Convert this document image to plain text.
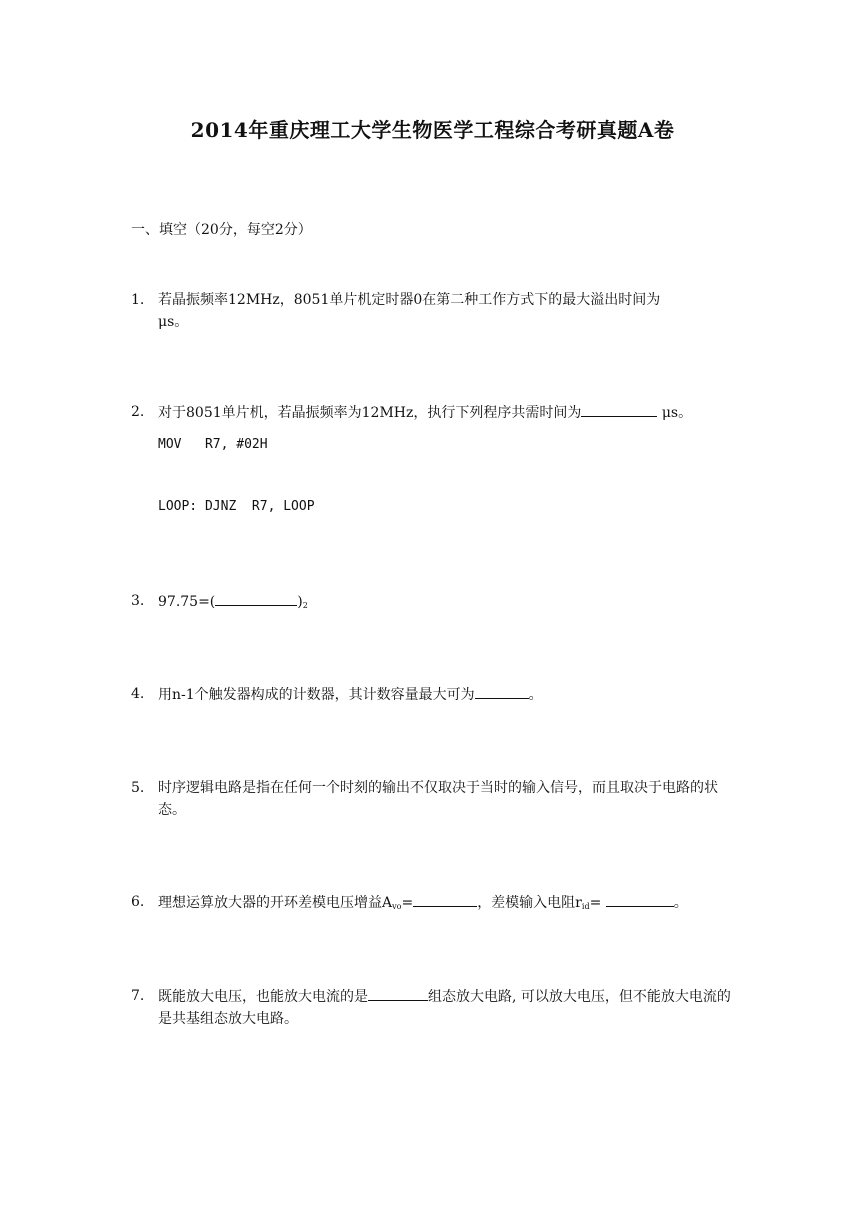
2014年重庆理工大学生物医学工程综合考研真题A卷
一、填空（20分，每空2分）
1. 若晶振频率12MHz，8051单片机定时器0在第二种工作方式下的最大溢出时间为
μs。
2. 对于8051单片机，若晶振频率为12MHz，执行下列程序共需时间为	μs。
MOV   R7, #02H
LOOP: DJNZ  R7, LOOP
3. 97.75=(	)$_2$
4. 用n-1个触发器构成的计数器，其计数容量最大可为	。
5. 时序逻辑电路是指在任何一个时刻的输出不仅取决于当时的输入信号，而且取决于电路的状态。
6. 理想运算放大器的开环差模电压增益$A_{vo}=$	，差模输入电阻$r_{id}=$	。
7. 既能放大电压，也能放大电流的是	组态放大电路, 可以放大电压，但不能放大电流的是共基组态放大电路。
